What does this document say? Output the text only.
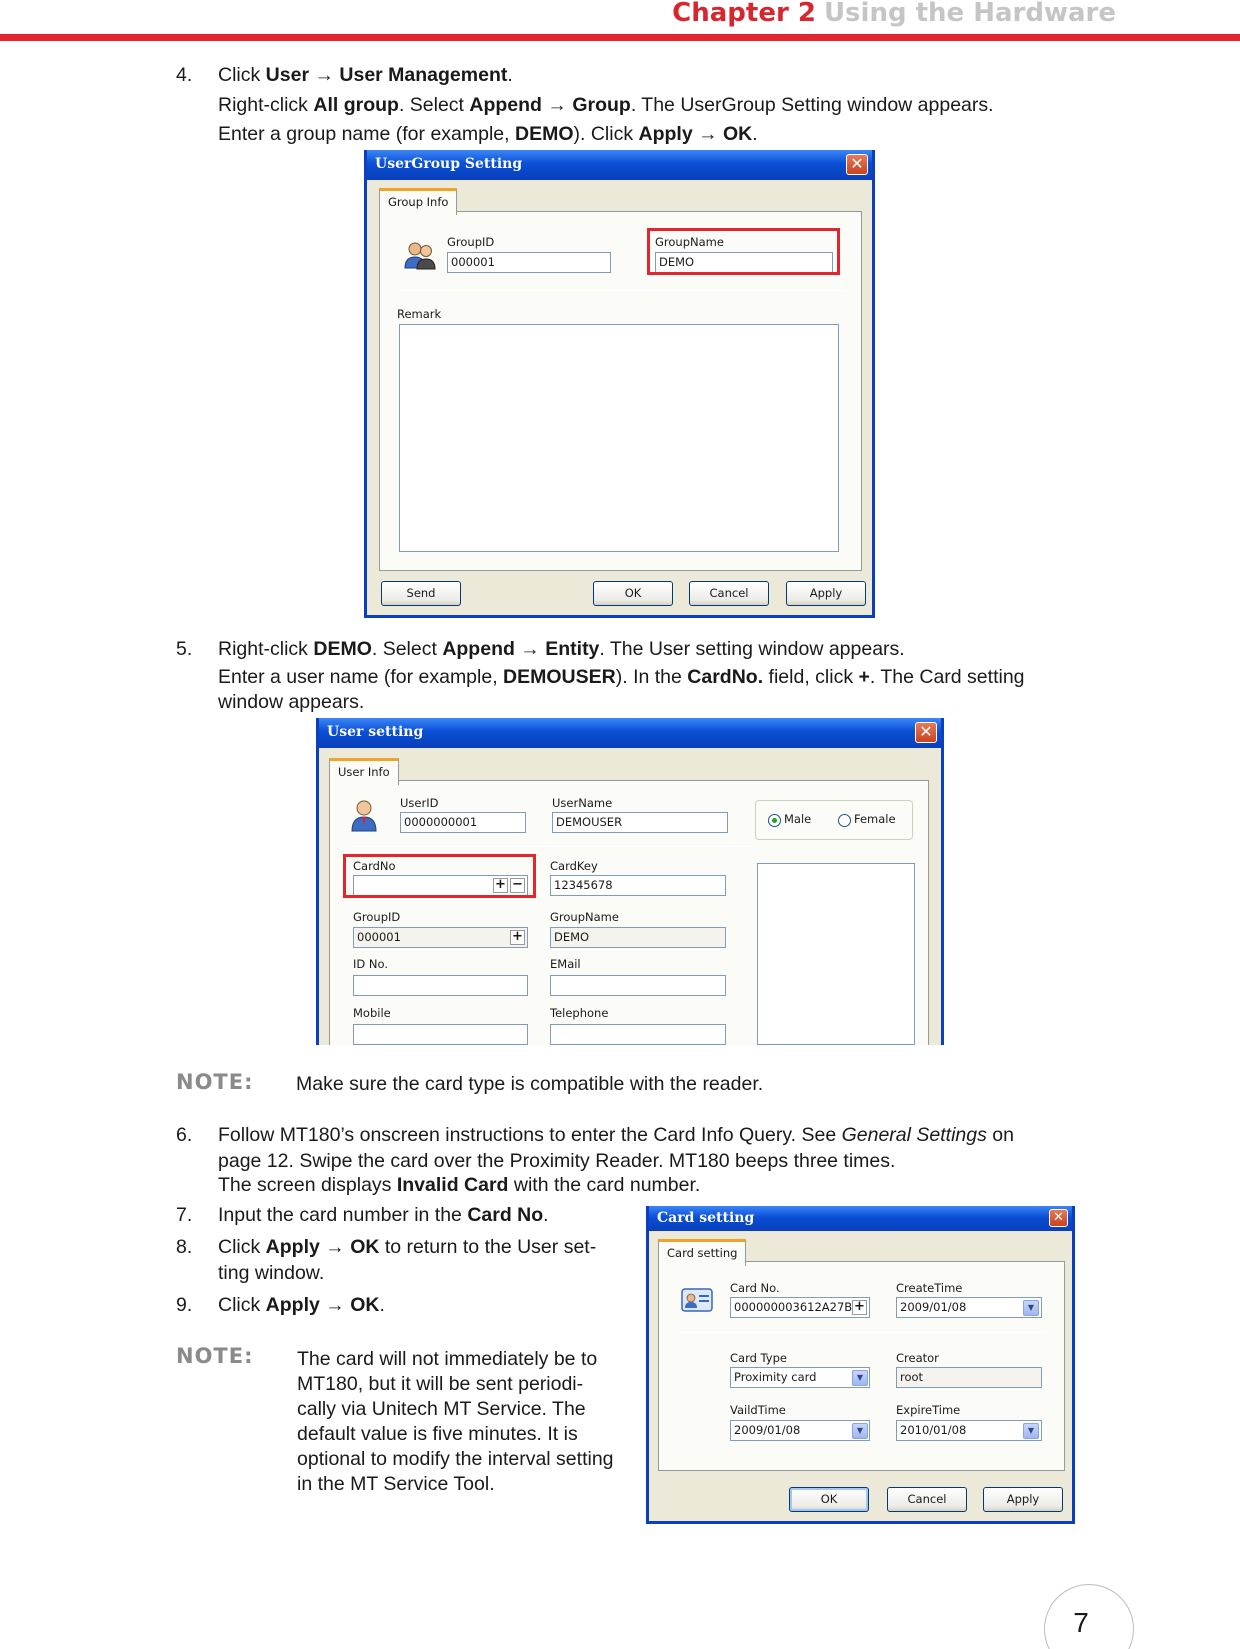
Chapter 2 Using the Hardware
4. Click User → User Management.
Right-click All group. Select Append → Group. The UserGroup Setting window appears.
Enter a group name (for example, DEMO). Click Apply → OK.
UserGroup Setting	✕
Group Info
GroupID
000001
GroupName
DEMO
Remark
Send	OK	Cancel	Apply
5. Right-click DEMO. Select Append → Entity. The User setting window appears.
Enter a user name (for example, DEMOUSER). In the CardNo. field, click +. The Card setting
window appears.
User setting	✕
User Info
UserID
0000000001
UserName
DEMOUSER	Male	Female
CardNo
+ −
CardKey
12345678
GroupID
000001	+
GroupName
DEMO
ID No.	EMail
Mobile	Telephone
NOTE: Make sure the card type is compatible with the reader.
6. Follow MT180’s onscreen instructions to enter the Card Info Query. See General Settings on
page 12. Swipe the card over the Proximity Reader. MT180 beeps three times.
The screen displays Invalid Card with the card number.
7. Input the card number in the Card No.
8. Click Apply → OK to return to the User set-
ting window.
9. Click Apply → OK.
NOTE: The card will not immediately be to
MT180, but it will be sent periodi-
cally via Unitech MT Service. The
default value is five minutes. It is
optional to modify the interval setting
in the MT Service Tool.
Card setting	✕
Card setting
Card No.
000000003612A27B +
CreateTime
2009/01/08	▼
Card Type
Proximity card	▼
Creator
root
VaildTime
2009/01/08	▼
ExpireTime
2010/01/08	▼
OK	Cancel	Apply
7
